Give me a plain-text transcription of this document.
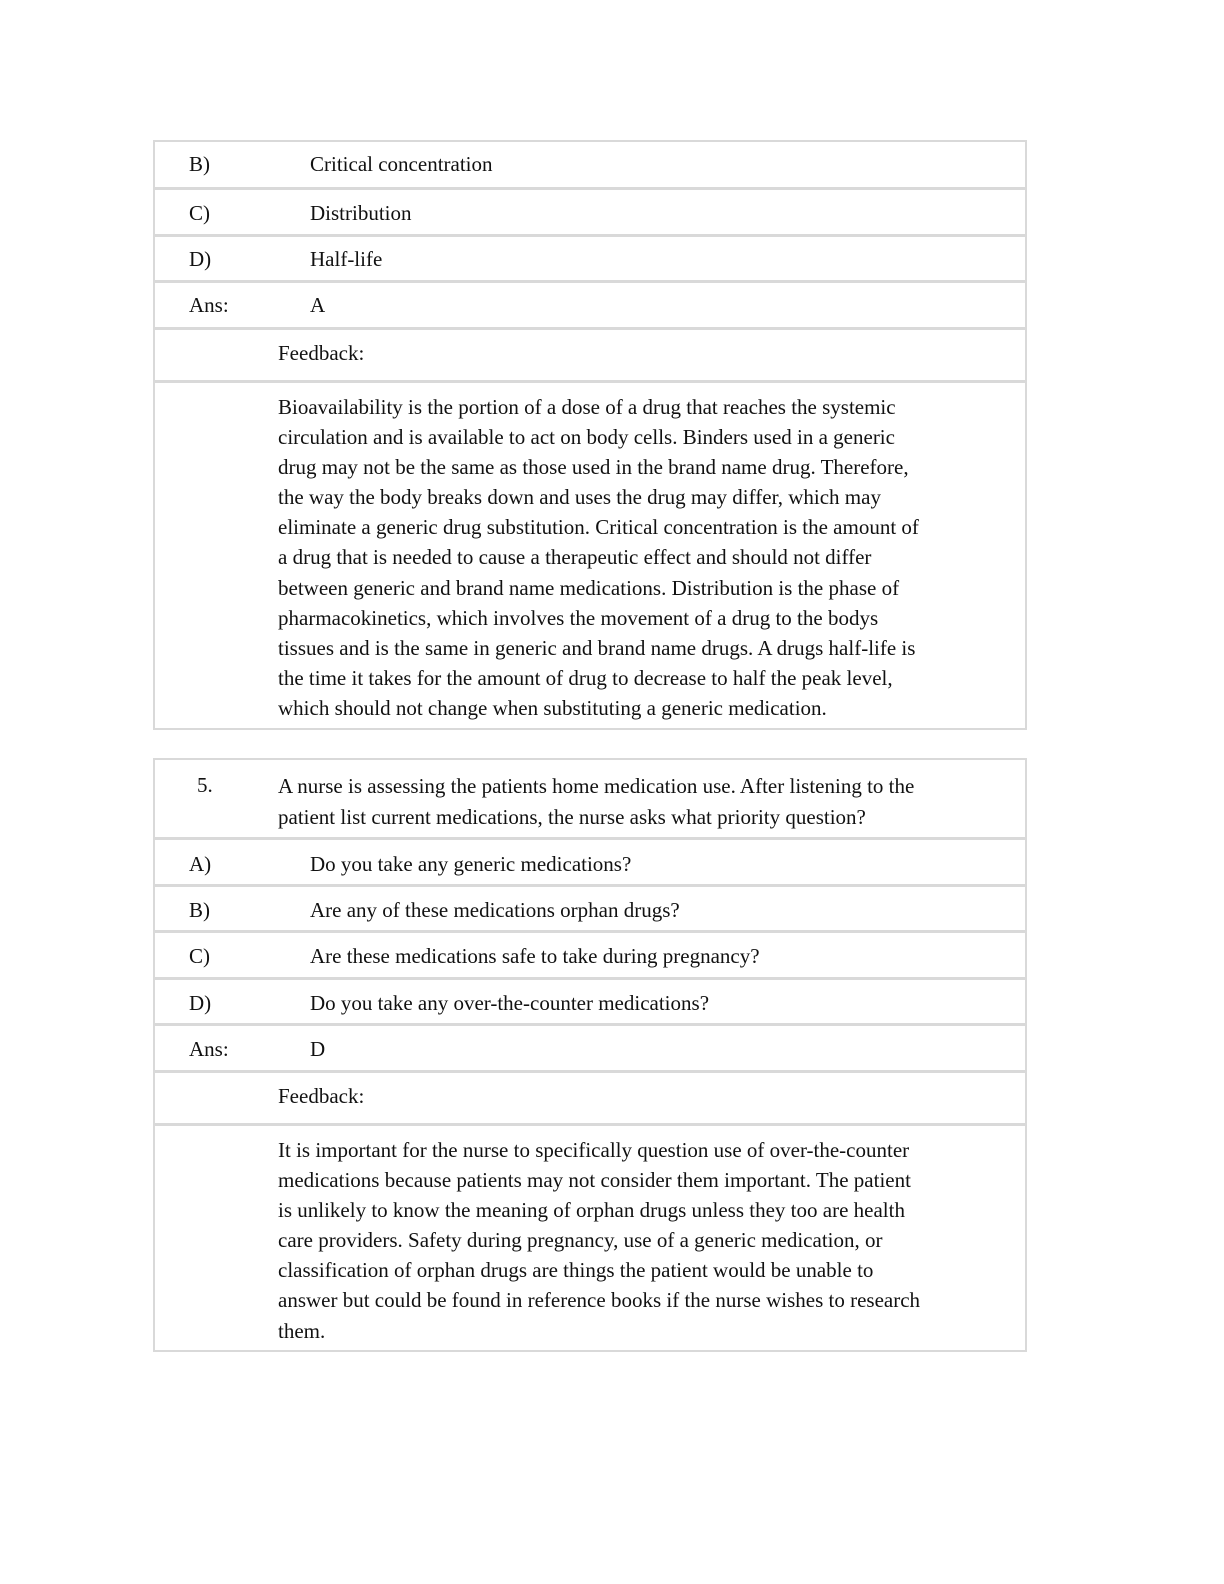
B)	Critical concentration
C)	Distribution
D)	Half-life
Ans:	A
Feedback:
Bioavailability is the portion of a dose of a drug that reaches the systemic
circulation and is available to act on body cells. Binders used in a generic
drug may not be the same as those used in the brand name drug. Therefore,
the way the body breaks down and uses the drug may differ, which may
eliminate a generic drug substitution. Critical concentration is the amount of
a drug that is needed to cause a therapeutic effect and should not differ
between generic and brand name medications. Distribution is the phase of
pharmacokinetics, which involves the movement of a drug to the bodys
tissues and is the same in generic and brand name drugs. A drugs half-life is
the time it takes for the amount of drug to decrease to half the peak level,
which should not change when substituting a generic medication.
5.	A nurse is assessing the patients home medication use. After listening to the
patient list current medications, the nurse asks what priority question?
A)	Do you take any generic medications?
B)	Are any of these medications orphan drugs?
C)	Are these medications safe to take during pregnancy?
D)	Do you take any over-the-counter medications?
Ans:	D
Feedback:
It is important for the nurse to specifically question use of over-the-counter
medications because patients may not consider them important. The patient
is unlikely to know the meaning of orphan drugs unless they too are health
care providers. Safety during pregnancy, use of a generic medication, or
classification of orphan drugs are things the patient would be unable to
answer but could be found in reference books if the nurse wishes to research
them.
